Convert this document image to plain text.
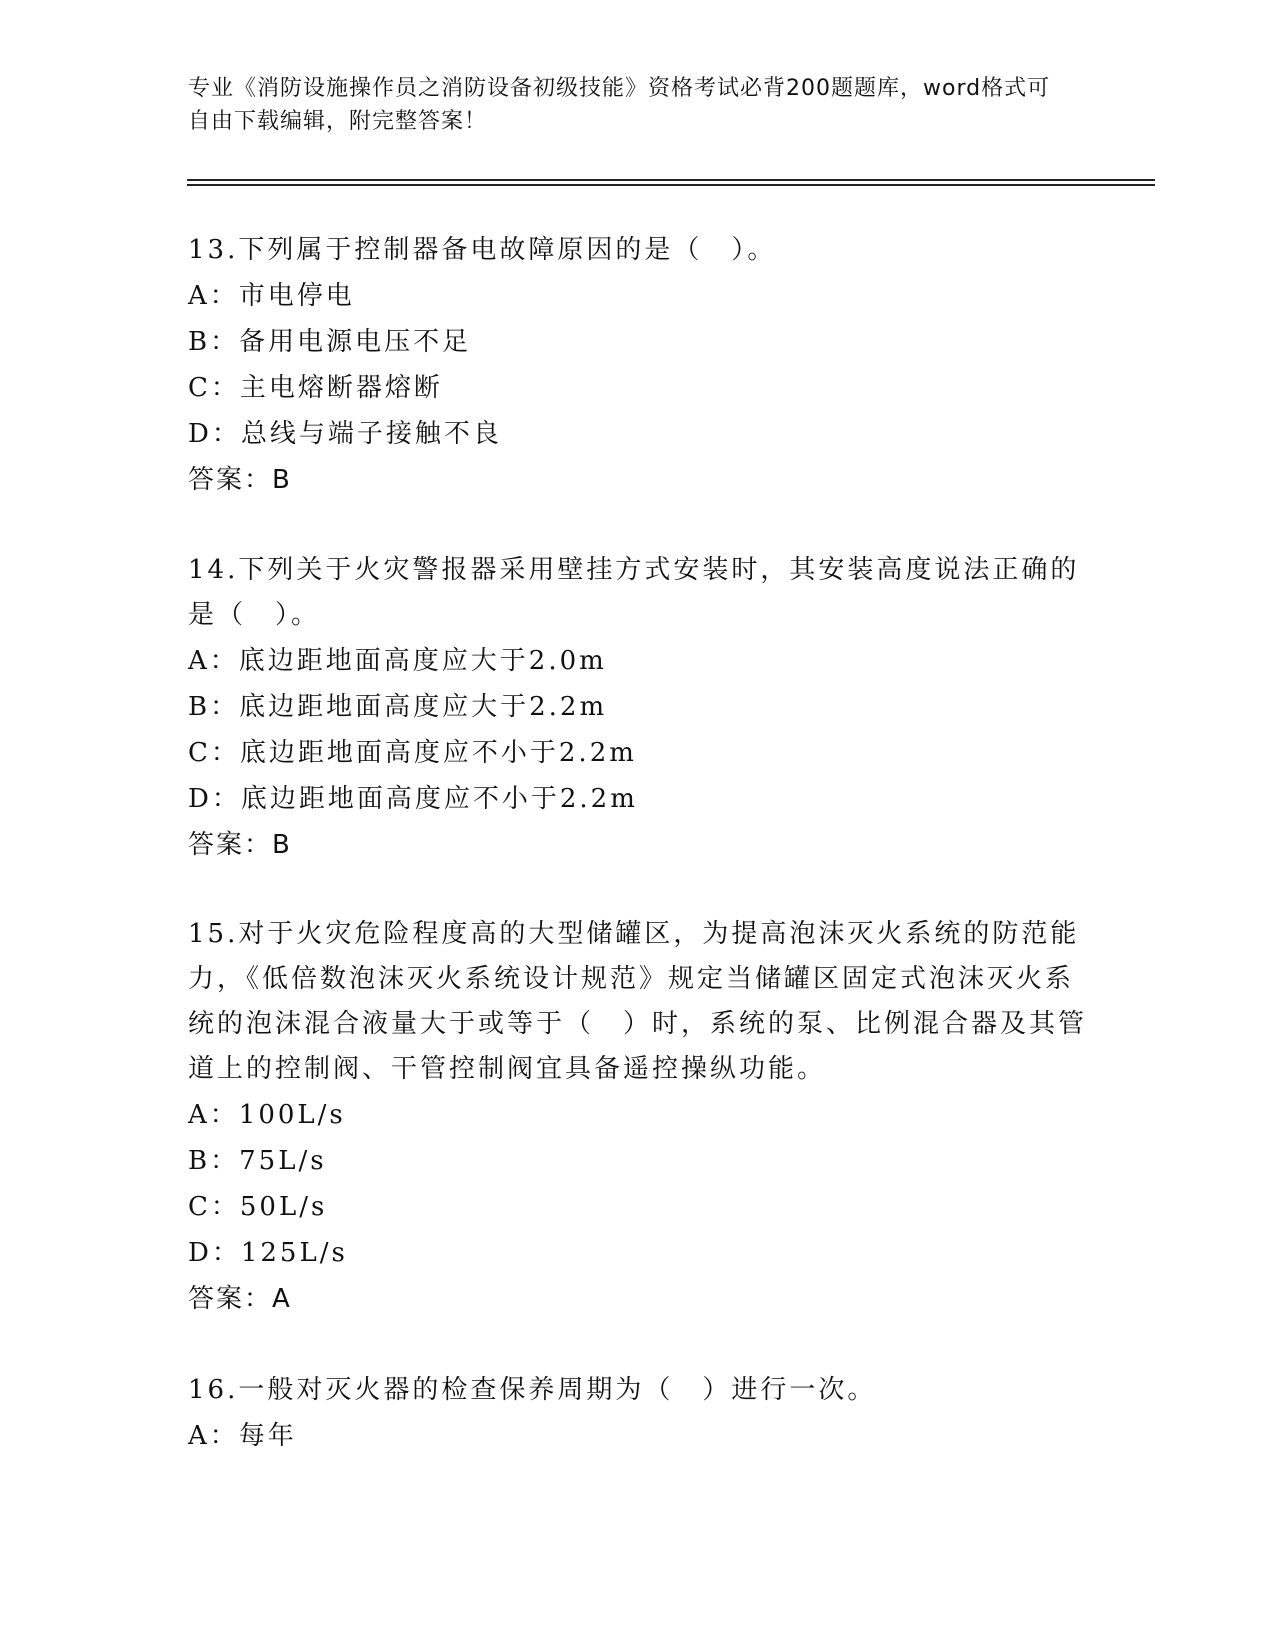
专业《消防设施操作员之消防设备初级技能》资格考试必背200题题库，word格式可自由下载编辑，附完整答案！
13.下列属于控制器备电故障原因的是（　）。
A：市电停电
B：备用电源电压不足
C：主电熔断器熔断
D：总线与端子接触不良
答案：B
14.下列关于火灾警报器采用壁挂方式安装时，其安装高度说法正确的是（　）。
A：底边距地面高度应大于2.0m
B：底边距地面高度应大于2.2m
C：底边距地面高度应不小于2.2m
D：底边距地面高度应不小于2.2m
答案：B
15.对于火灾危险程度高的大型储罐区，为提高泡沫灭火系统的防范能力，《低倍数泡沫灭火系统设计规范》规定当储罐区固定式泡沫灭火系统的泡沫混合液量大于或等于（　）时，系统的泵、比例混合器及其管道上的控制阀、干管控制阀宜具备遥控操纵功能。
A：100L/s
B：75L/s
C：50L/s
D：125L/s
答案：A
16.一般对灭火器的检查保养周期为（　）进行一次。
A：每年
